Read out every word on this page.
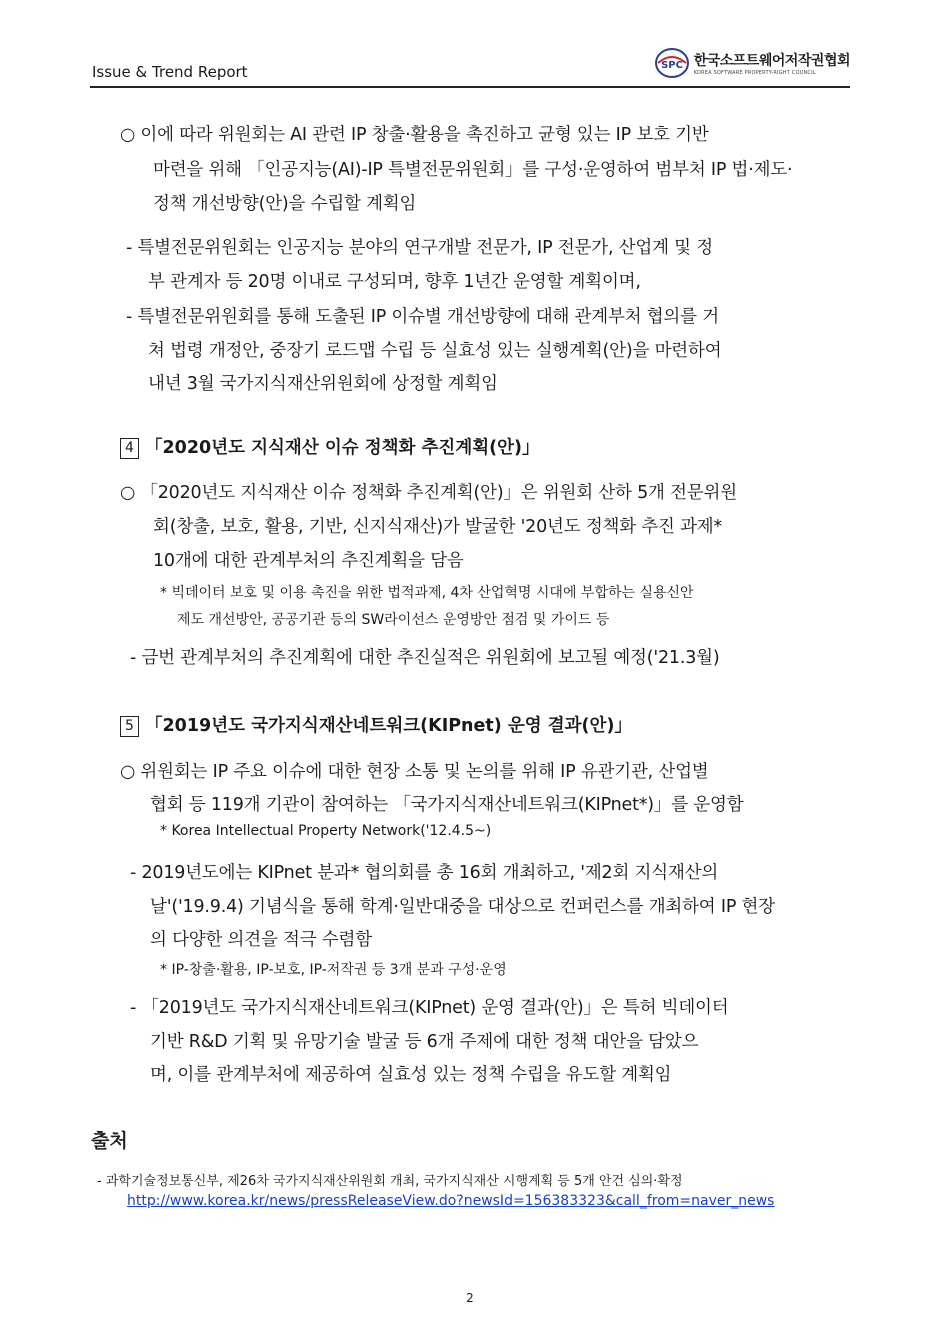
Issue & Trend Report	SPC 한국소프트웨어저작권협회
KOREA SOFTWARE PROPERTY-RIGHT COUNCIL
○ 이에 따라 위원회는 AI 관련 IP 창출·활용을 촉진하고 균형 있는 IP 보호 기반
마련을 위해 「인공지능(AI)-IP 특별전문위원회」를 구성·운영하여 범부처 IP 법·제도·
정책 개선방향(안)을 수립할 계획임
- 특별전문위원회는 인공지능 분야의 연구개발 전문가, IP 전문가, 산업계 및 정
부 관계자 등 20명 이내로 구성되며, 향후 1년간 운영할 계획이며,
- 특별전문위원회를 통해 도출된 IP 이슈별 개선방향에 대해 관계부처 협의를 거
쳐 법령 개정안, 중장기 로드맵 수립 등 실효성 있는 실행계획(안)을 마련하여
내년 3월 국가지식재산위원회에 상정할 계획임
4 「2020년도 지식재산 이슈 정책화 추진계획(안)」
○ 「2020년도 지식재산 이슈 정책화 추진계획(안)」은 위원회 산하 5개 전문위원
회(창출, 보호, 활용, 기반, 신지식재산)가 발굴한 '20년도 정책화 추진 과제*
10개에 대한 관계부처의 추진계획을 담음
* 빅데이터 보호 및 이용 촉진을 위한 법적과제, 4차 산업혁명 시대에 부합하는 실용신안
제도 개선방안, 공공기관 등의 SW라이선스 운영방안 점검 및 가이드 등
- 금번 관계부처의 추진계획에 대한 추진실적은 위원회에 보고될 예정('21.3월)
5 「2019년도 국가지식재산네트워크(KIPnet) 운영 결과(안)」
○ 위원회는 IP 주요 이슈에 대한 현장 소통 및 논의를 위해 IP 유관기관, 산업별
협회 등 119개 기관이 참여하는 「국가지식재산네트워크(KIPnet*)」를 운영함
* Korea Intellectual Property Network('12.4.5~)
- 2019년도에는 KIPnet 분과* 협의회를 총 16회 개최하고, '제2회 지식재산의
날'('19.9.4) 기념식을 통해 학계·일반대중을 대상으로 컨퍼런스를 개최하여 IP 현장
의 다양한 의견을 적극 수렴함
* IP-창출·활용, IP-보호, IP-저작권 등 3개 분과 구성·운영
- 「2019년도 국가지식재산네트워크(KIPnet) 운영 결과(안)」은 특허 빅데이터
기반 R&D 기획 및 유망기술 발굴 등 6개 주제에 대한 정책 대안을 담았으
며, 이를 관계부처에 제공하여 실효성 있는 정책 수립을 유도할 계획임
출처
- 과학기술정보통신부, 제26차 국가지식재산위원회 개최, 국가지식재산 시행계획 등 5개 안건 심의·확정
http://www.korea.kr/news/pressReleaseView.do?newsId=156383323&call_from=naver_news
2
